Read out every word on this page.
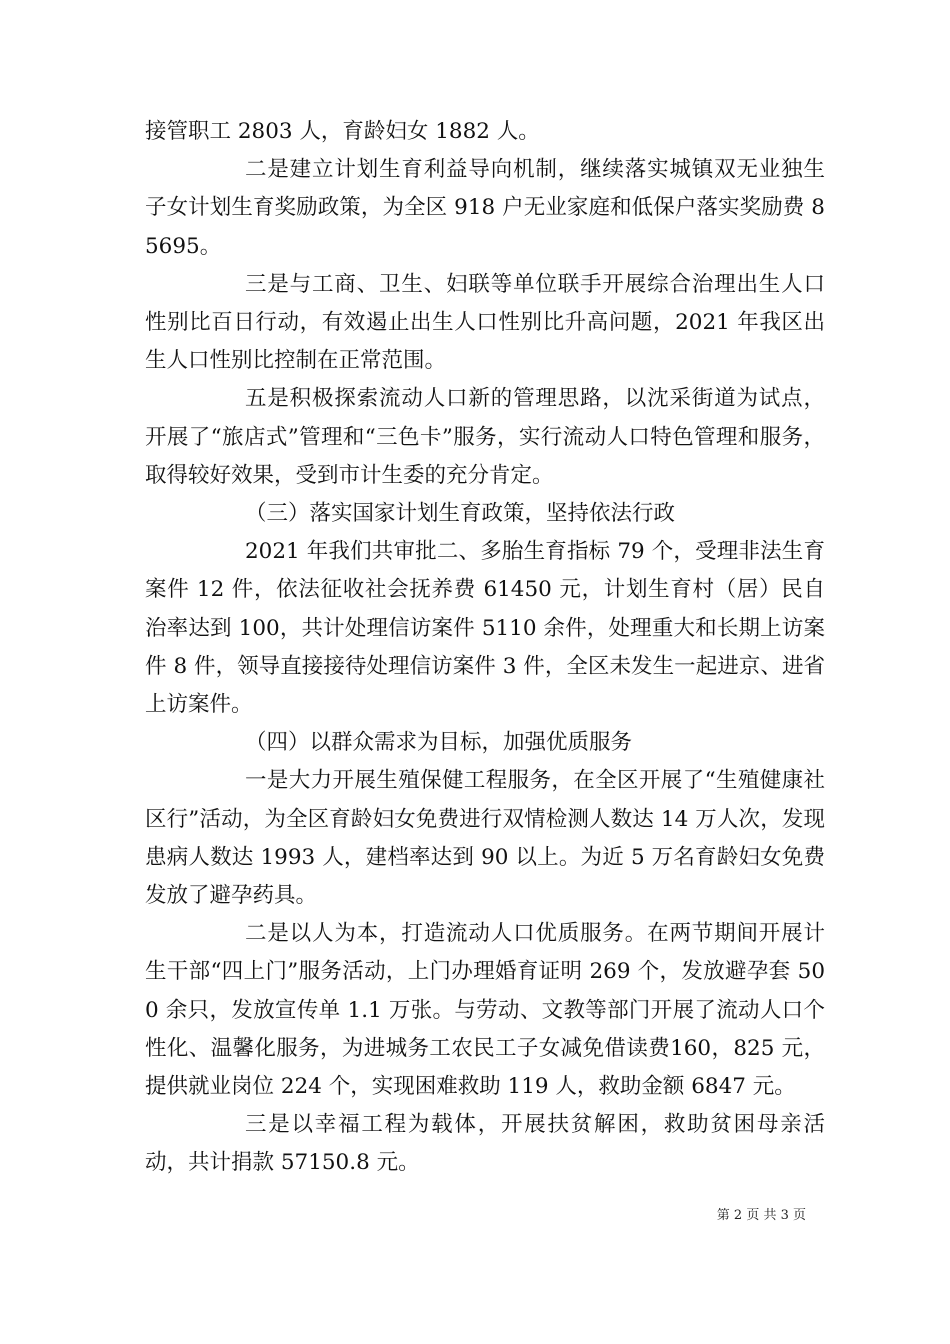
接管职工 2803 人，育龄妇女 1882 人。

二是建立计划生育利益导向机制，继续落实城镇双无业独生子女计划生育奖励政策，为全区 918 户无业家庭和低保户落实奖励费 85695。

三是与工商、卫生、妇联等单位联手开展综合治理出生人口性别比百日行动，有效遏止出生人口性别比升高问题，2021 年我区出生人口性别比控制在正常范围。

五是积极探索流动人口新的管理思路，以沈采街道为试点，开展了“旅店式”管理和“三色卡”服务，实行流动人口特色管理和服务，取得较好效果，受到市计生委的充分肯定。

（三）落实国家计划生育政策，坚持依法行政

2021 年我们共审批二、多胎生育指标 79 个，受理非法生育案件 12 件，依法征收社会抚养费 61450 元，计划生育村（居）民自治率达到 100，共计处理信访案件 5110 余件，处理重大和长期上访案件 8 件，领导直接接待处理信访案件 3 件，全区未发生一起进京、进省上访案件。

（四）以群众需求为目标，加强优质服务

一是大力开展生殖保健工程服务，在全区开展了“生殖健康社区行”活动，为全区育龄妇女免费进行双情检测人数达 14 万人次，发现患病人数达 1993 人，建档率达到 90 以上。为近 5 万名育龄妇女免费发放了避孕药具。

二是以人为本，打造流动人口优质服务。在两节期间开展计生干部“四上门”服务活动，上门办理婚育证明 269 个，发放避孕套 500 余只，发放宣传单 1.1 万张。与劳动、文教等部门开展了流动人口个性化、温馨化服务，为进城务工农民工子女减免借读费160，825 元，提供就业岗位 224 个，实现困难救助 119 人，救助金额 6847 元。

三是以幸福工程为载体，开展扶贫解困，救助贫困母亲活动，共计捐款 57150.8 元。

第 2 页 共 3 页
